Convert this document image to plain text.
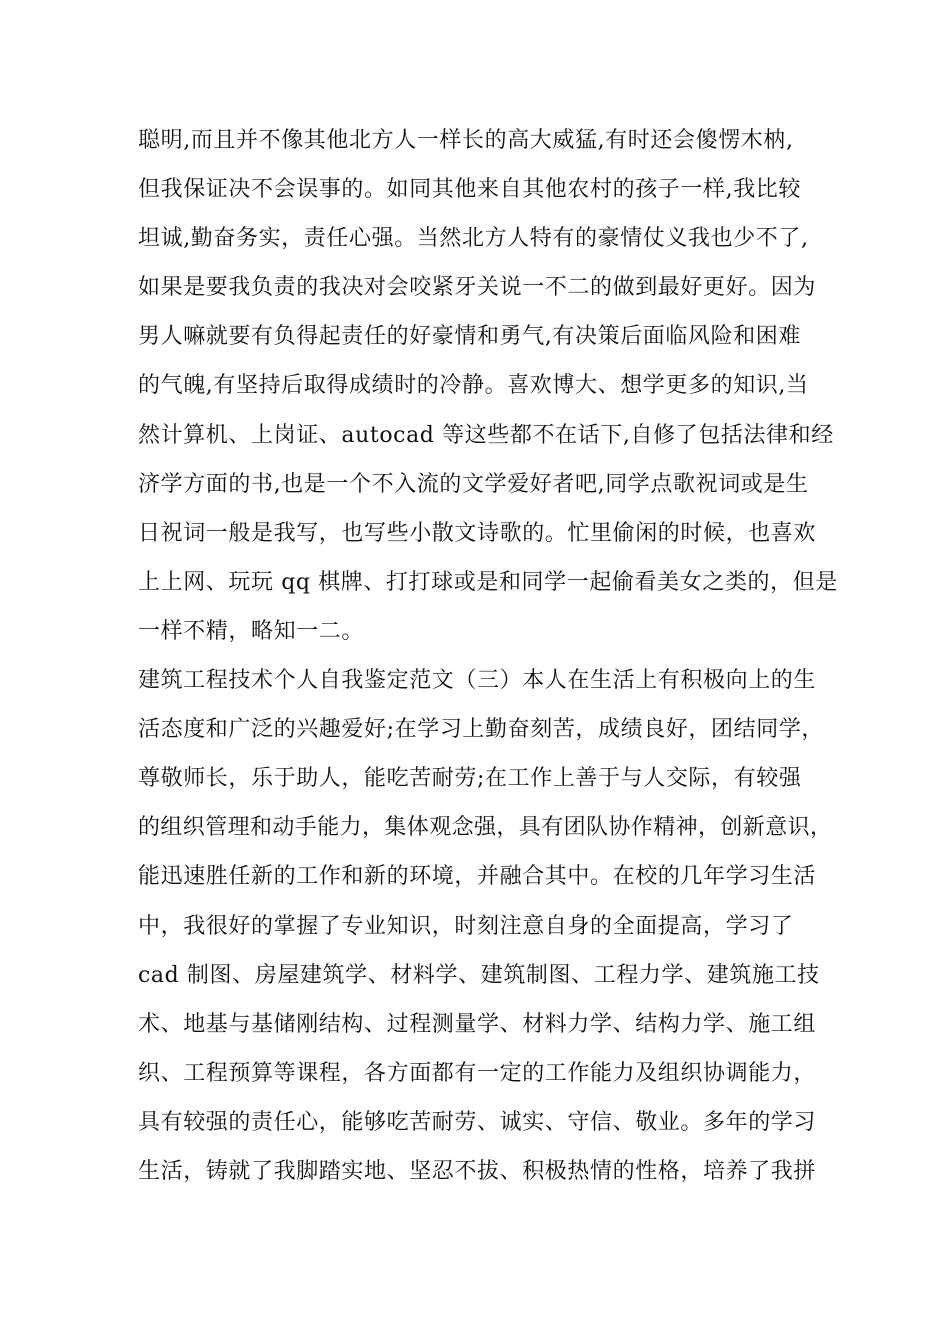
聪明,而且并不像其他北方人一样长的高大威猛,有时还会傻愣木枘,
但我保证决不会误事的。如同其他来自其他农村的孩子一样,我比较
坦诚,勤奋务实，责任心强。当然北方人特有的豪情仗义我也少不了,
如果是要我负责的我决对会咬紧牙关说一不二的做到最好更好。因为
男人嘛就要有负得起责任的好豪情和勇气,有决策后面临风险和困难
的气魄,有坚持后取得成绩时的冷静。喜欢博大、想学更多的知识,当
然计算机、上岗证、autocad 等这些都不在话下,自修了包括法律和经
济学方面的书,也是一个不入流的文学爱好者吧,同学点歌祝词或是生
日祝词一般是我写，也写些小散文诗歌的。忙里偷闲的时候，也喜欢
上上网、玩玩 qq 棋牌、打打球或是和同学一起偷看美女之类的，但是
一样不精，略知一二。
建筑工程技术个人自我鉴定范文（三）本人在生活上有积极向上的生
活态度和广泛的兴趣爱好;在学习上勤奋刻苦，成绩良好，团结同学，
尊敬师长，乐于助人，能吃苦耐劳;在工作上善于与人交际，有较强
的组织管理和动手能力，集体观念强，具有团队协作精神，创新意识，
能迅速胜任新的工作和新的环境，并融合其中。在校的几年学习生活
中，我很好的掌握了专业知识，时刻注意自身的全面提高，学习了
cad 制图、房屋建筑学、材料学、建筑制图、工程力学、建筑施工技
术、地基与基储刚结构、过程测量学、材料力学、结构力学、施工组
织、工程预算等课程，各方面都有一定的工作能力及组织协调能力，
具有较强的责任心，能够吃苦耐劳、诚实、守信、敬业。多年的学习
生活，铸就了我脚踏实地、坚忍不拔、积极热情的性格，培养了我拼
